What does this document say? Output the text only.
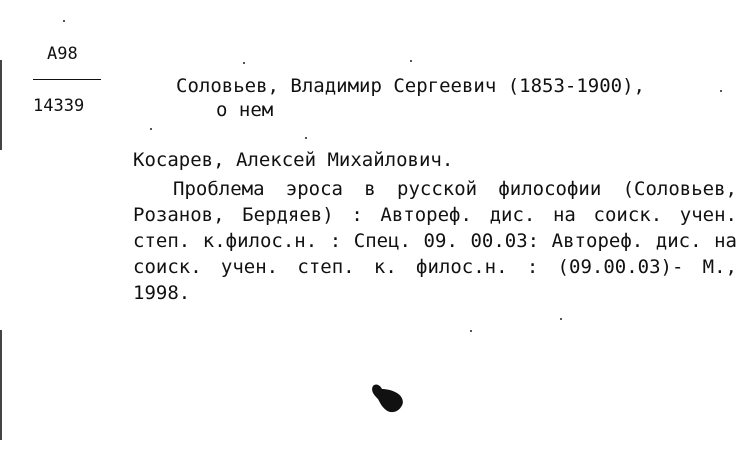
A98
14339
Соловьев, Владимир Сергеевич (1853-1900),
о нем
Косарев, Алексей Михайлович.
Проблема эроса в русской философии (Соловьев, Розанов, Бердяев) : Автореф. дис. на соиск. учен. степ. к.филос.н. : Спец. 09. 00.03: Автореф. дис. на соиск. учен. степ. к. филос.н. : (09.00.03)- М., 1998.
